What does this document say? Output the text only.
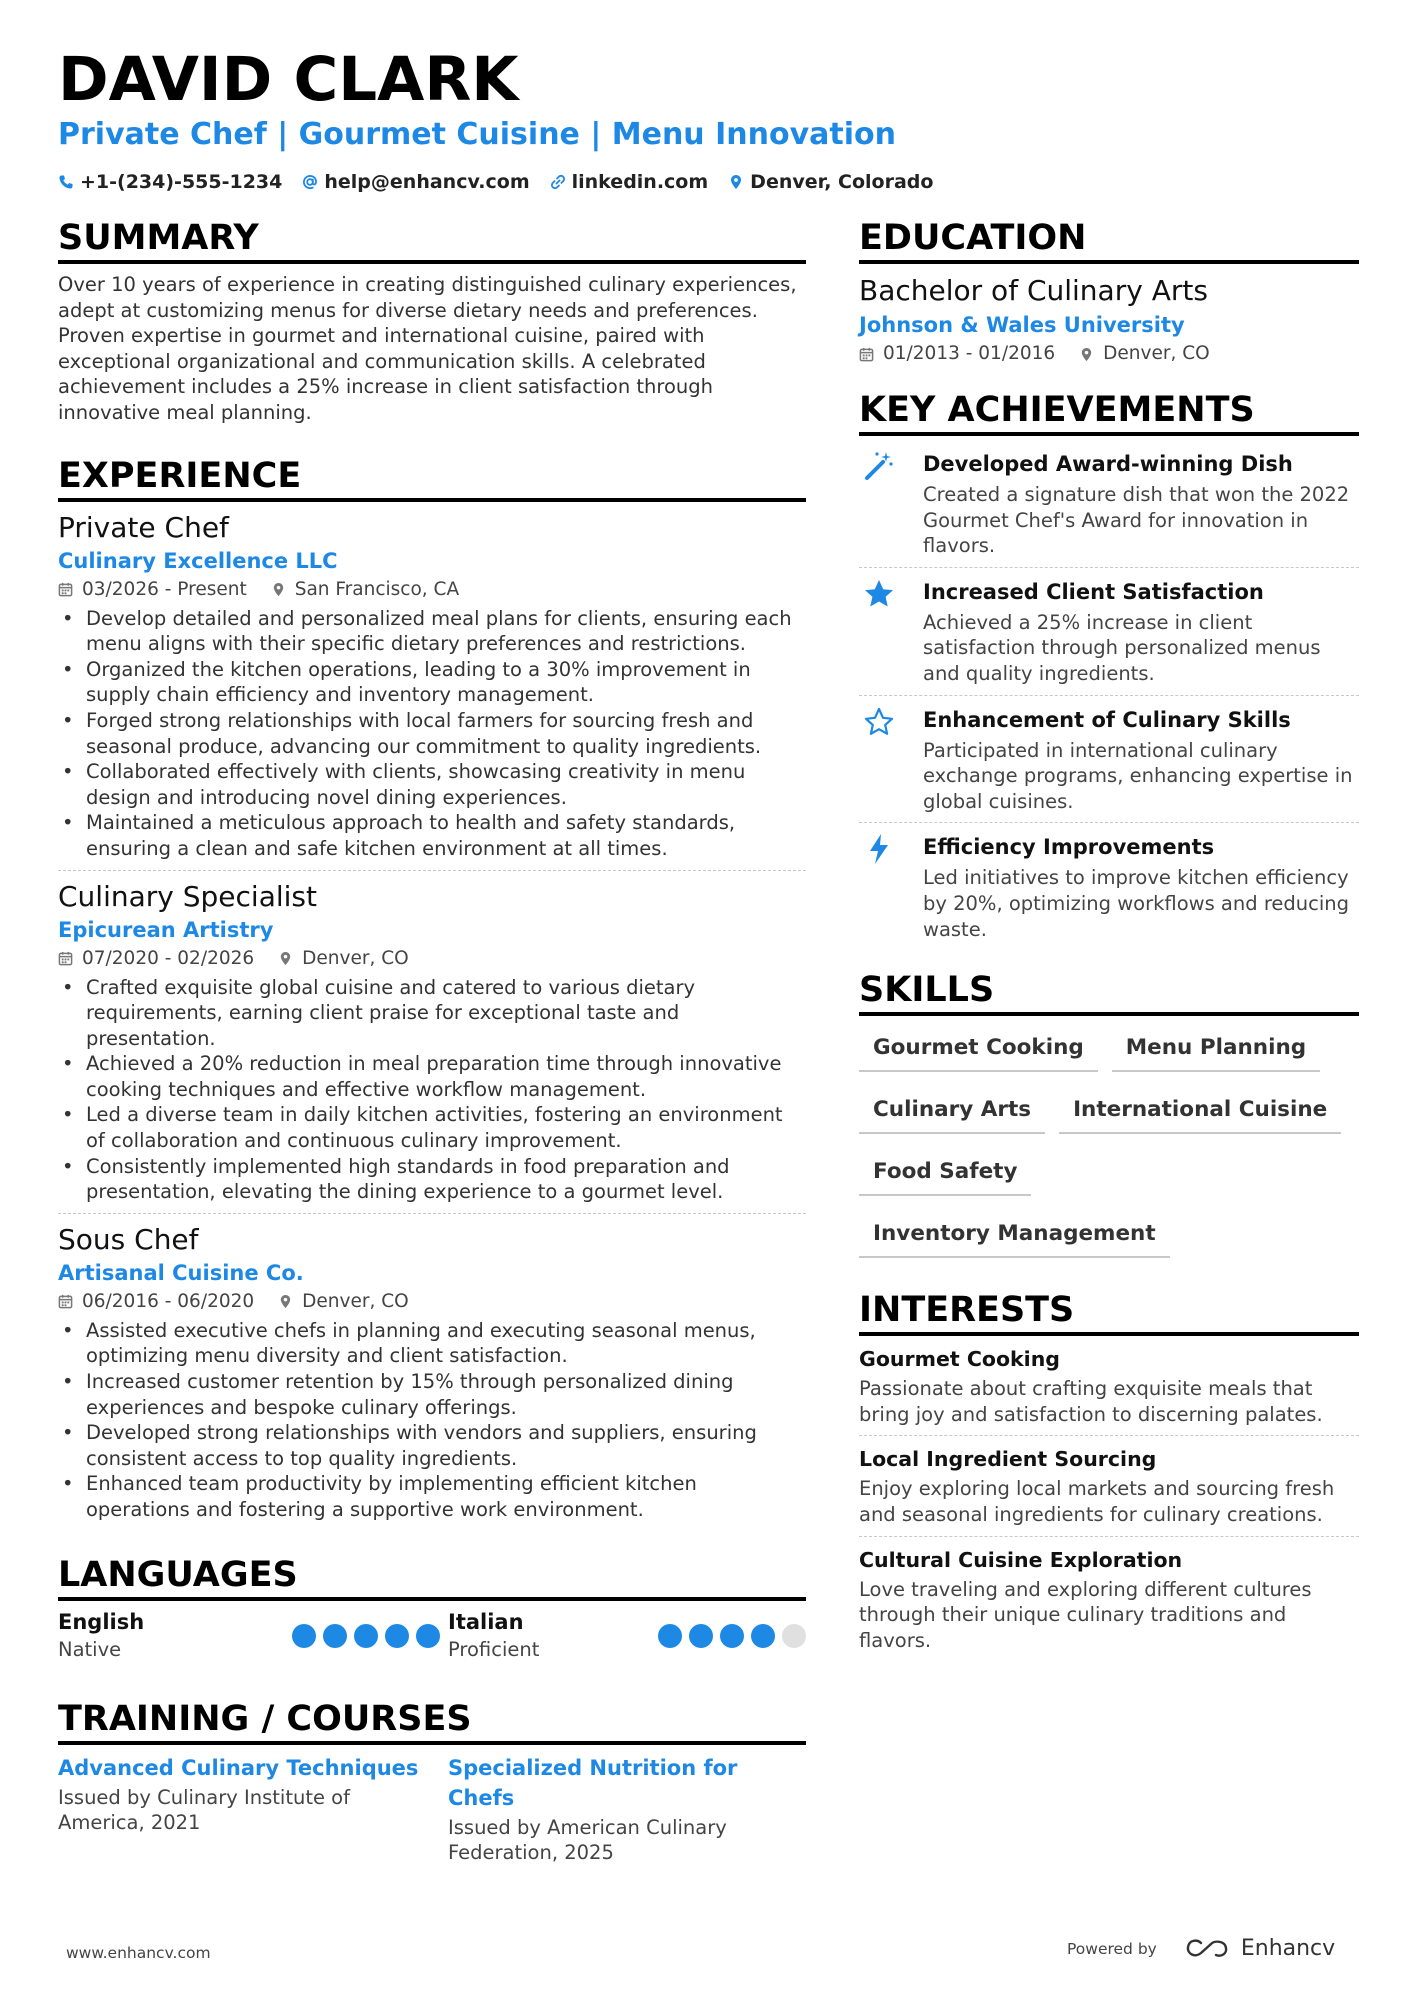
DAVID CLARK
Private Chef | Gourmet Cuisine | Menu Innovation
+1-(234)-555-1234 help@enhancv.com linkedin.com Denver, Colorado
SUMMARY

Over 10 years of experience in creating distinguished culinary experiences, adept at customizing menus for diverse dietary needs and preferences. Proven expertise in gourmet and international cuisine, paired with exceptional organizational and communication skills. A celebrated achievement includes a 25% increase in client satisfaction through innovative meal planning.

EXPERIENCE
Private Chef
Culinary Excellence LLC
03/2026 - Present	San Francisco, CA
• Develop detailed and personalized meal plans for clients, ensuring each menu aligns with their specific dietary preferences and restrictions.
• Organized the kitchen operations, leading to a 30% improvement in supply chain efficiency and inventory management.
• Forged strong relationships with local farmers for sourcing fresh and seasonal produce, advancing our commitment to quality ingredients.
• Collaborated effectively with clients, showcasing creativity in menu design and introducing novel dining experiences.
• Maintained a meticulous approach to health and safety standards, ensuring a clean and safe kitchen environment at all times.
Culinary Specialist
Epicurean Artistry
07/2020 - 02/2026	Denver, CO
• Crafted exquisite global cuisine and catered to various dietary requirements, earning client praise for exceptional taste and presentation.
• Achieved a 20% reduction in meal preparation time through innovative cooking techniques and effective workflow management.
• Led a diverse team in daily kitchen activities, fostering an environment of collaboration and continuous culinary improvement.
• Consistently implemented high standards in food preparation and presentation, elevating the dining experience to a gourmet level.
Sous Chef
Artisanal Cuisine Co.
06/2016 - 06/2020	Denver, CO
• Assisted executive chefs in planning and executing seasonal menus, optimizing menu diversity and client satisfaction.
• Increased customer retention by 15% through personalized dining experiences and bespoke culinary offerings.
• Developed strong relationships with vendors and suppliers, ensuring consistent access to top quality ingredients.
• Enhanced team productivity by implementing efficient kitchen operations and fostering a supportive work environment.
LANGUAGES
English
Native
Italian
Proficient
TRAINING / COURSES
Advanced Culinary Techniques
Issued by Culinary Institute of America, 2021
Specialized Nutrition for Chefs
Issued by American Culinary Federation, 2025
EDUCATION
Bachelor of Culinary Arts
Johnson & Wales University
01/2013 - 01/2016	Denver, CO
KEY ACHIEVEMENTS
Developed Award-winning Dish
Created a signature dish that won the 2022 Gourmet Chef's Award for innovation in flavors.
Increased Client Satisfaction
Achieved a 25% increase in client satisfaction through personalized menus and quality ingredients.
Enhancement of Culinary Skills
Participated in international culinary exchange programs, enhancing expertise in global cuisines.
Efficiency Improvements
Led initiatives to improve kitchen efficiency by 20%, optimizing workflows and reducing waste.
SKILLS
Gourmet Cooking	Menu Planning
Culinary Arts	International Cuisine
Food Safety
Inventory Management
INTERESTS
Gourmet Cooking
Passionate about crafting exquisite meals that bring joy and satisfaction to discerning palates.
Local Ingredient Sourcing
Enjoy exploring local markets and sourcing fresh and seasonal ingredients for culinary creations.
Cultural Cuisine Exploration
Love traveling and exploring different cultures through their unique culinary traditions and flavors.
www.enhancv.com	Powered by	Enhancv
